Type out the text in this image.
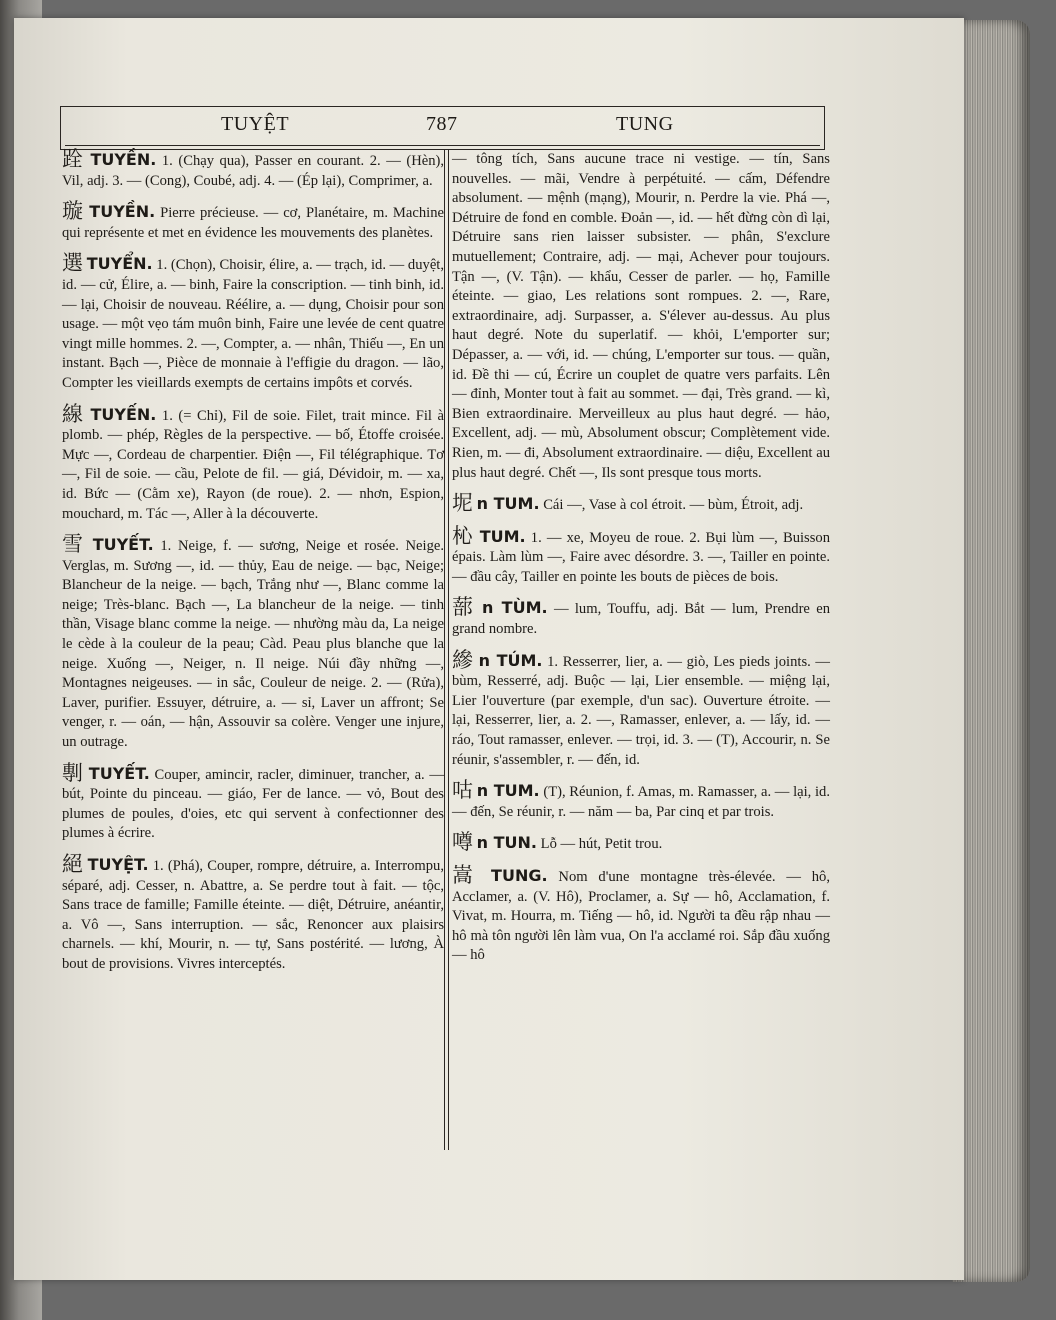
TUYỆT	787	TUNG
跧 TUYỀN. 1. (Chạy qua), Passer en courant. 2. — (Hèn), Vil, adj. 3. — (Cong), Coubé, adj. 4. — (Ép lại), Comprimer, a.
璇 TUYỀN. Pierre précieuse. — cơ, Planétaire, m. Machine qui représente et met en évidence les mouvements des planètes.
選 TUYỂN. 1. (Chọn), Choisir, élire, a. — trạch, id. — duyệt, id. — cử, Élire, a. — binh, Faire la conscription. — tinh binh, id. — lại, Choisir de nouveau. Réélire, a. — dụng, Choisir pour son usage. — một vẹo tám muôn binh, Faire une levée de cent quatre vingt mille hommes. 2. —, Compter, a. — nhân, Thiếu —, En un instant. Bạch —, Pièce de monnaie à l'effigie du dragon. — lão, Compter les vieillards exempts de certains impôts et corvés.
線 TUYẾN. 1. (= Chỉ), Fil de soie. Filet, trait mince. Fil à plomb. — phép, Règles de la perspective. — bố, Étoffe croisée. Mực —, Cordeau de charpentier. Điện —, Fil télégraphique. Tơ —, Fil de soie. — cầu, Pelote de fil. — giá, Dévidoir, m. — xa, id. Bức — (Cằm xe), Rayon (de roue). 2. — nhơn, Espion, mouchard, m. Tác —, Aller à la découverte.
雪 TUYẾT. 1. Neige, f. — sương, Neige et rosée. Neige. Verglas, m. Sương —, id. — thủy, Eau de neige. — bạc, Neige; Blancheur de la neige. — bạch, Trắng như —, Blanc comme la neige; Très-blanc. Bạch —, La blancheur de la neige. — tinh thần, Visage blanc comme la neige. — nhường màu da, La neige le cède à la couleur de la peau; Càd. Peau plus blanche que la neige. Xuống —, Neiger, n. Il neige. Núi đầy những —, Montagnes neigeuses. — in sắc, Couleur de neige. 2. — (Rửa), Laver, purifier. Essuyer, détruire, a. — sỉ, Laver un affront; Se venger, r. — oán, — hận, Assouvir sa colère. Venger une injure, un outrage.
剸 TUYẾT. Couper, amincir, racler, diminuer, trancher, a. — bút, Pointe du pinceau. — giáo, Fer de lance. — vỏ, Bout des plumes de poules, d'oies, etc qui servent à confectionner des plumes à écrire.
絕 TUYỆT. 1. (Phá), Couper, rompre, détruire, a. Interrompu, séparé, adj. Cesser, n. Abattre, a. Se perdre tout à fait. — tộc, Sans trace de famille; Famille éteinte. — diệt, Détruire, anéantir, a. Vô —, Sans interruption. — sắc, Renoncer aux plaisirs charnels. — khí, Mourir, n. — tự, Sans postérité. — lương, À bout de provisions. Vivres interceptés.
— tông tích, Sans aucune trace ni vestige. — tín, Sans nouvelles. — mãi, Vendre à perpétuité. — cấm, Défendre absolument. — mệnh (mạng), Mourir, n. Perdre la vie. Phá —, Détruire de fond en comble. Đoản —, id. — hết đừng còn dì lại, Détruire sans rien laisser subsister. — phân, S'exclure mutuellement; Contraire, adj. — mại, Achever pour toujours. Tận —, (V. Tận). — khẩu, Cesser de parler. — họ, Famille éteinte. — giao, Les relations sont rompues. 2. —, Rare, extraordinaire, adj. Surpasser, a. S'élever au-dessus. Au plus haut degré. Note du superlatif. — khỏi, L'emporter sur; Dépasser, a. — với, id. — chúng, L'emporter sur tous. — quần, id. Đề thi — cú, Écrire un couplet de quatre vers parfaits. Lên — đỉnh, Monter tout à fait au sommet. — đại, Très grand. — kì, Bien extraordinaire. Merveilleux au plus haut degré. — hảo, Excellent, adj. — mù, Absolument obscur; Complètement vide. Rien, m. — đi, Absolument extraordinaire. — diệu, Excellent au plus haut degré. Chết —, Ils sont presque tous morts.
坭 n TUM. Cái —, Vase à col étroit. — bùm, Étroit, adj.
杺 TUM. 1. — xe, Moyeu de roue. 2. Bụi lùm —, Buisson épais. Làm lùm —, Faire avec désordre. 3. —, Tailler en pointe. — đầu cây, Tailler en pointe les bouts de pièces de bois.
蔀 n TÙM. — lum, Touffu, adj. Bắt — lum, Prendre en grand nombre.
縿 n TÚM. 1. Resserrer, lier, a. — giò, Les pieds joints. — bùm, Resserré, adj. Buộc — lại, Lier ensemble. — miệng lại, Lier l'ouverture (par exemple, d'un sac). Ouverture étroite. — lại, Resserrer, lier, a. 2. —, Ramasser, enlever, a. — lấy, id. — ráo, Tout ramasser, enlever. — trọi, id. 3. — (T), Accourir, n. Se réunir, s'assembler, r. — đến, id.
咕 n TUM. (T), Réunion, f. Amas, m. Ramasser, a. — lại, id. — đến, Se réunir, r. — năm — ba, Par cinq et par trois.
噂 n TUN. Lỗ — hút, Petit trou.
嵩 TUNG. Nom d'une montagne très-élevée. — hô, Acclamer, a. (V. Hô), Proclamer, a. Sự — hô, Acclamation, f. Vivat, m. Hourra, m. Tiếng — hô, id. Người ta đều rập nhau — hô mà tôn người lên làm vua, On l'a acclamé roi. Sắp đầu xuống — hô
